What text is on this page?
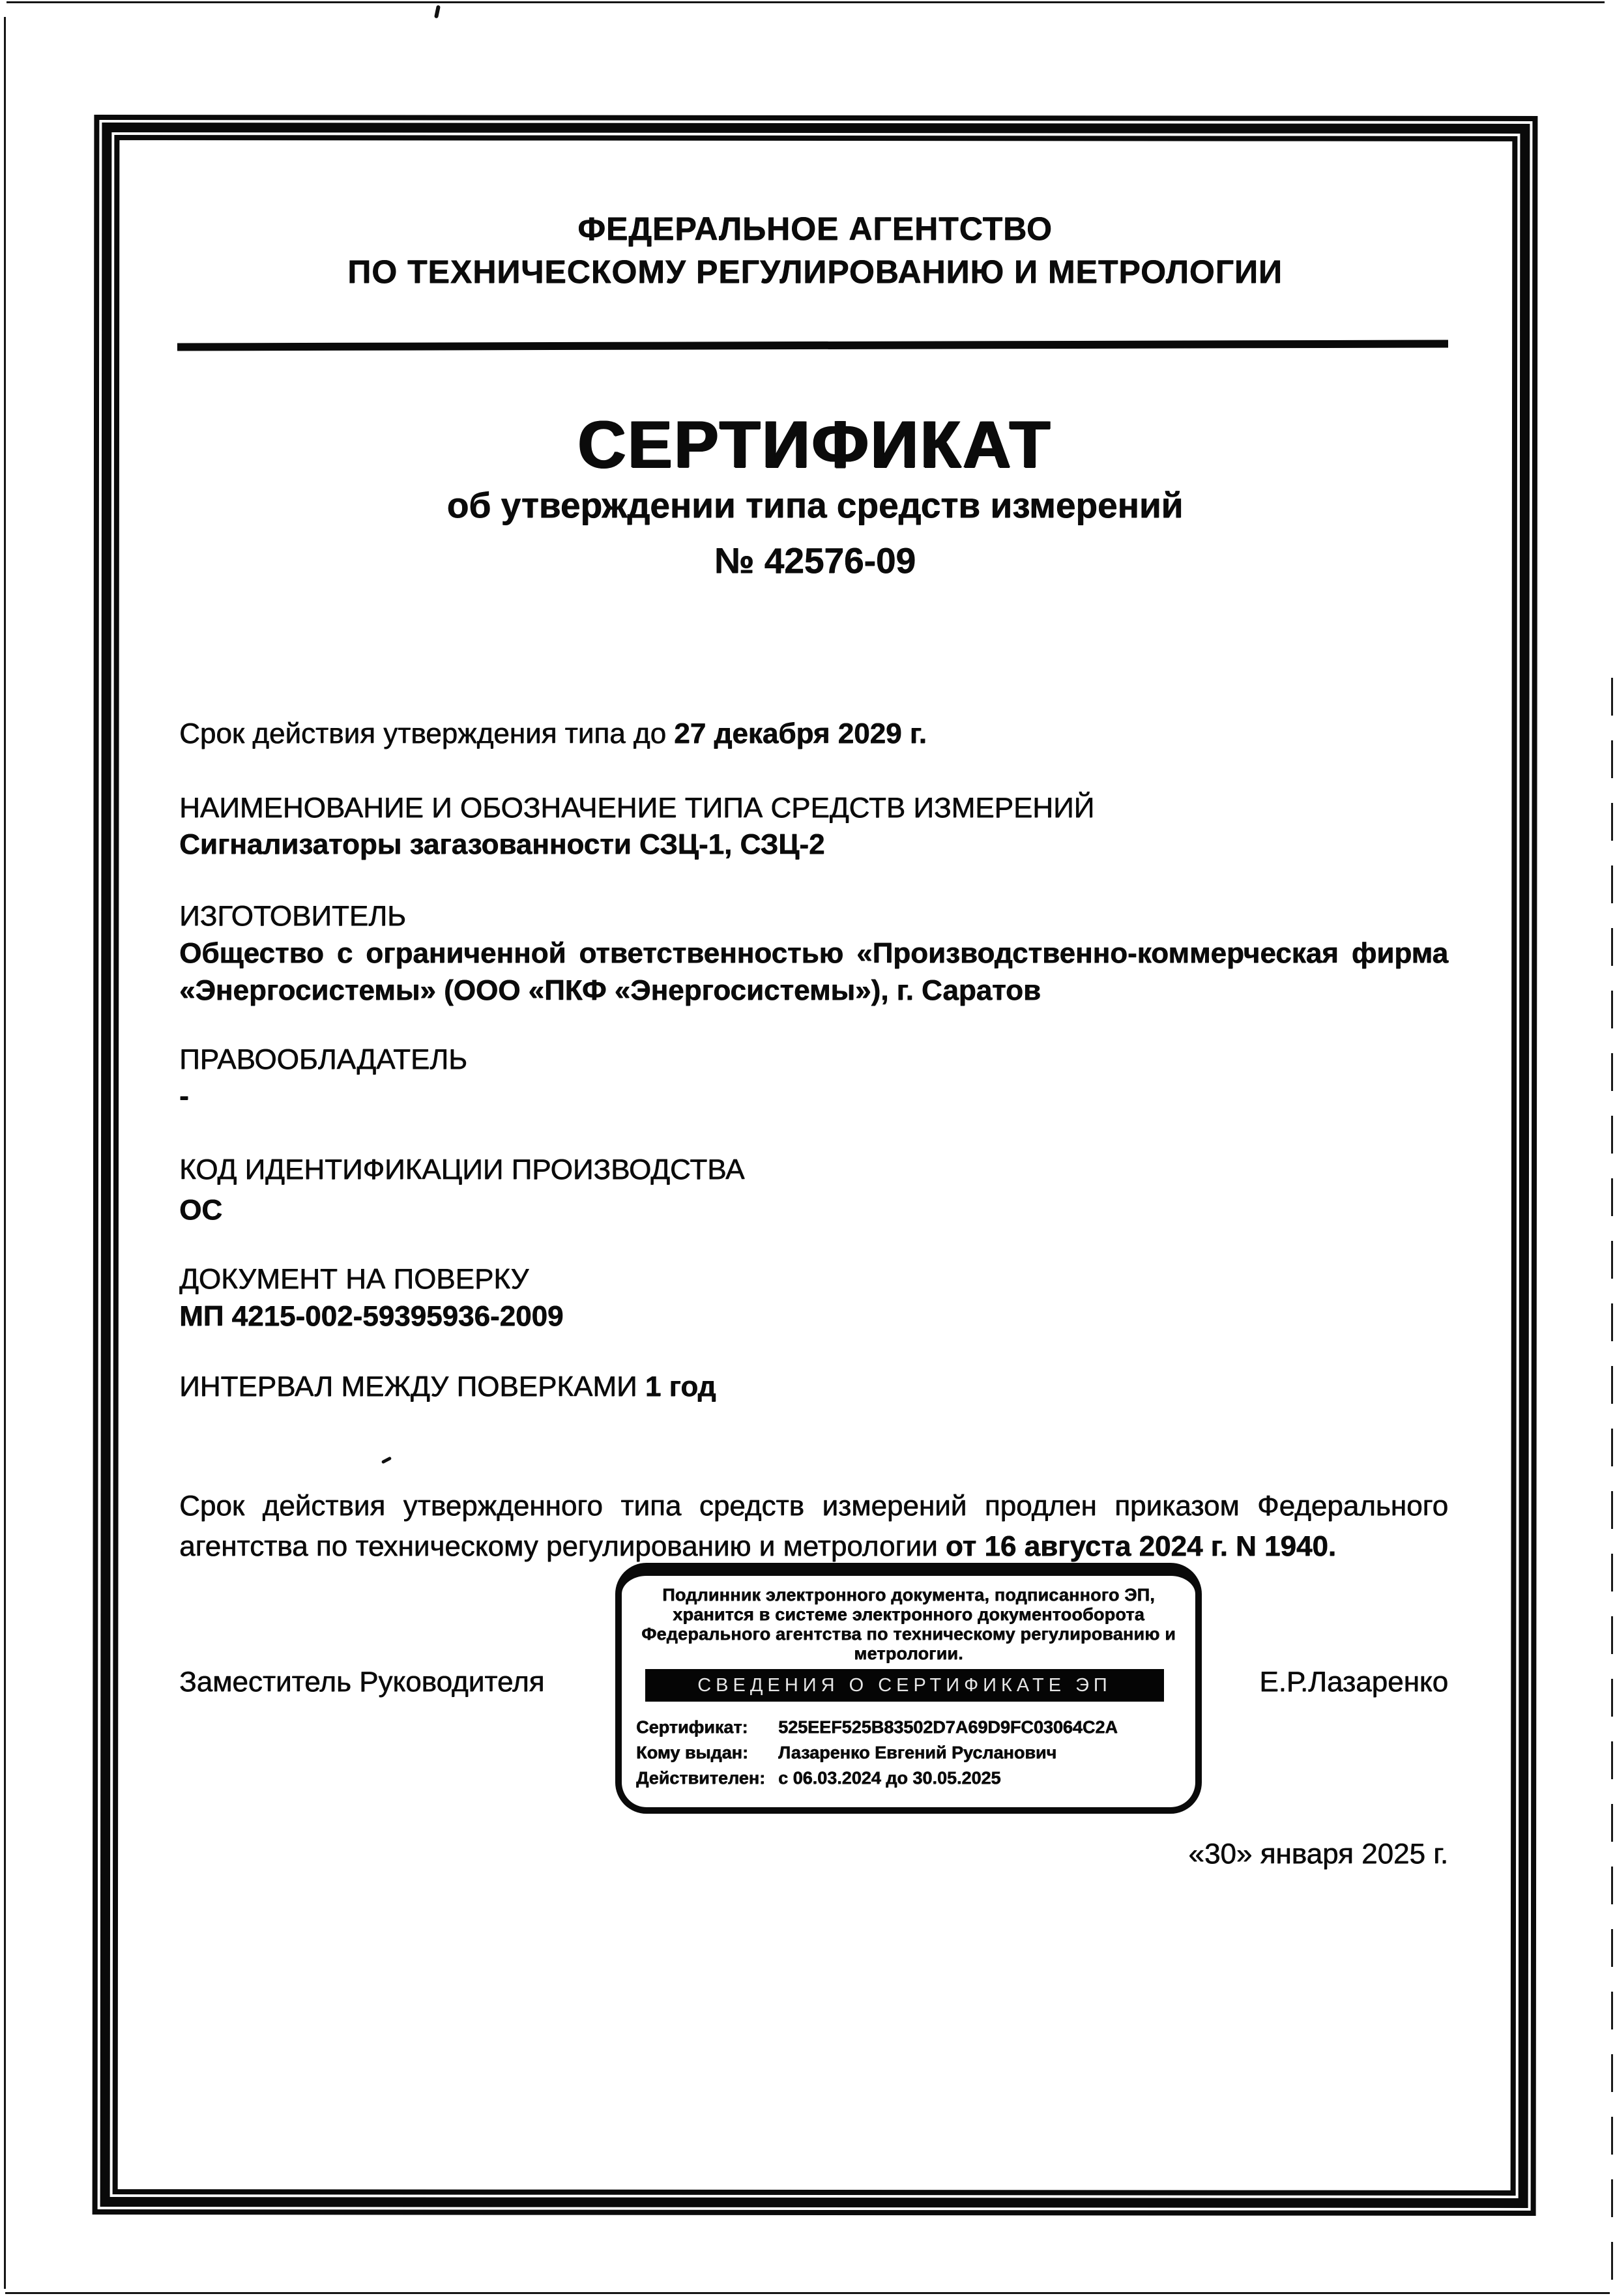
ФЕДЕРАЛЬНОЕ АГЕНТСТВО
ПО ТЕХНИЧЕСКОМУ РЕГУЛИРОВАНИЮ И МЕТРОЛОГИИ
СЕРТИФИКАТ
об утверждении типа средств измерений
№ 42576-09
Срок действия утверждения типа до 27 декабря 2029 г.
НАИМЕНОВАНИЕ И ОБОЗНАЧЕНИЕ ТИПА СРЕДСТВ ИЗМЕРЕНИЙ
Сигнализаторы загазованности СЗЦ-1, СЗЦ-2
ИЗГОТОВИТЕЛЬ
Общество с ограниченной ответственностью «Производственно-коммерческая фирма
«Энергосистемы» (ООО «ПКФ «Энергосистемы»), г. Саратов
ПРАВООБЛАДАТЕЛЬ
-
КОД ИДЕНТИФИКАЦИИ ПРОИЗВОДСТВА
ОС
ДОКУМЕНТ НА ПОВЕРКУ
МП 4215-002-59395936-2009
ИНТЕРВАЛ МЕЖДУ ПОВЕРКАМИ 1 год
Срок действия утвержденного типа средств измерений продлен приказом Федерального
агентства по техническому регулированию и метрологии от 16 августа 2024 г. N 1940.
Заместитель Руководителя	Е.Р.Лазаренко
Подлинник электронного документа, подписанного ЭП,
хранится в системе электронного документооборота
Федерального агентства по техническому регулированию и
метрологии.
СВЕДЕНИЯ О СЕРТИФИКАТЕ ЭП
Сертификат: 525EEF525B83502D7A69D9FC03064C2A
Кому выдан: Лазаренко Евгений Русланович
Действителен: с 06.03.2024 до 30.05.2025
«30» января 2025 г.
